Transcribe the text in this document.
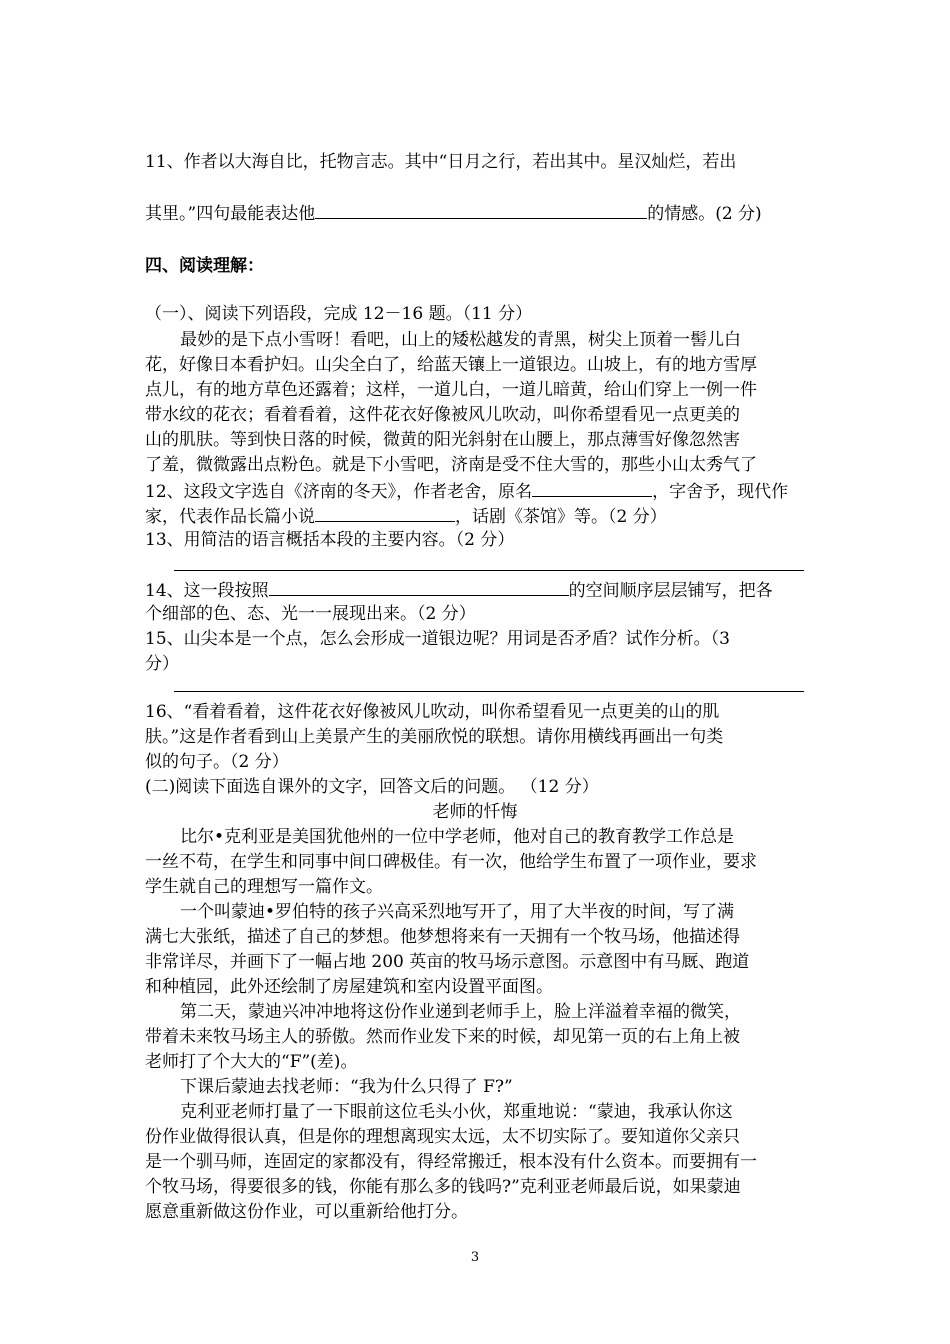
11、作者以大海自比，托物言志。其中“日月之行，若出其中。星汉灿烂，若出
其里。”四句最能表达他	的情感。(2 分)
四、阅读理解：
（一）、阅读下列语段，完成 12－16 题。（11 分）
最妙的是下点小雪呀！看吧，山上的矮松越发的青黑，树尖上顶着一髻儿白
花，好像日本看护妇。山尖全白了，给蓝天镶上一道银边。山坡上，有的地方雪厚
点儿，有的地方草色还露着；这样，一道儿白，一道儿暗黄，给山们穿上一例一件
带水纹的花衣；看着看着，这件花衣好像被风儿吹动，叫你希望看见一点更美的
山的肌肤。等到快日落的时候，微黄的阳光斜射在山腰上，那点薄雪好像忽然害
了羞，微微露出点粉色。就是下小雪吧，济南是受不住大雪的，那些小山太秀气了
12、这段文字选自《济南的冬天》，作者老舍，原名	，字舍予，现代作
家，代表作品长篇小说	，话剧《茶馆》等。（2 分）
13、用简洁的语言概括本段的主要内容。（2 分）
14、这一段按照	的空间顺序层层铺写，把各
个细部的色、态、光一一展现出来。（2 分）
15、山尖本是一个点，怎么会形成一道银边呢？用词是否矛盾？试作分析。（3
分）
16、“看着看着，这件花衣好像被风儿吹动，叫你希望看见一点更美的山的肌
肤。”这是作者看到山上美景产生的美丽欣悦的联想。请你用横线再画出一句类
似的句子。（2 分）
(二)阅读下面选自课外的文字，回答文后的问题。 （12 分）
老师的忏悔
比尔•克利亚是美国犹他州的一位中学老师，他对自己的教育教学工作总是
一丝不苟，在学生和同事中间口碑极佳。有一次，他给学生布置了一项作业，要求
学生就自己的理想写一篇作文。
一个叫蒙迪•罗伯特的孩子兴高采烈地写开了，用了大半夜的时间，写了满
满七大张纸，描述了自己的梦想。他梦想将来有一天拥有一个牧马场，他描述得
非常详尽，并画下了一幅占地 200 英亩的牧马场示意图。示意图中有马厩、跑道
和种植园，此外还绘制了房屋建筑和室内设置平面图。
第二天，蒙迪兴冲冲地将这份作业递到老师手上，脸上洋溢着幸福的微笑，
带着未来牧马场主人的骄傲。然而作业发下来的时候，却见第一页的右上角上被
老师打了个大大的“F”(差)。
下课后蒙迪去找老师：“我为什么只得了 F?”
克利亚老师打量了一下眼前这位毛头小伙，郑重地说：“蒙迪，我承认你这
份作业做得很认真，但是你的理想离现实太远，太不切实际了。要知道你父亲只
是一个驯马师，连固定的家都没有，得经常搬迁，根本没有什么资本。而要拥有一
个牧马场，得要很多的钱，你能有那么多的钱吗?”克利亚老师最后说，如果蒙迪
愿意重新做这份作业，可以重新给他打分。
3
